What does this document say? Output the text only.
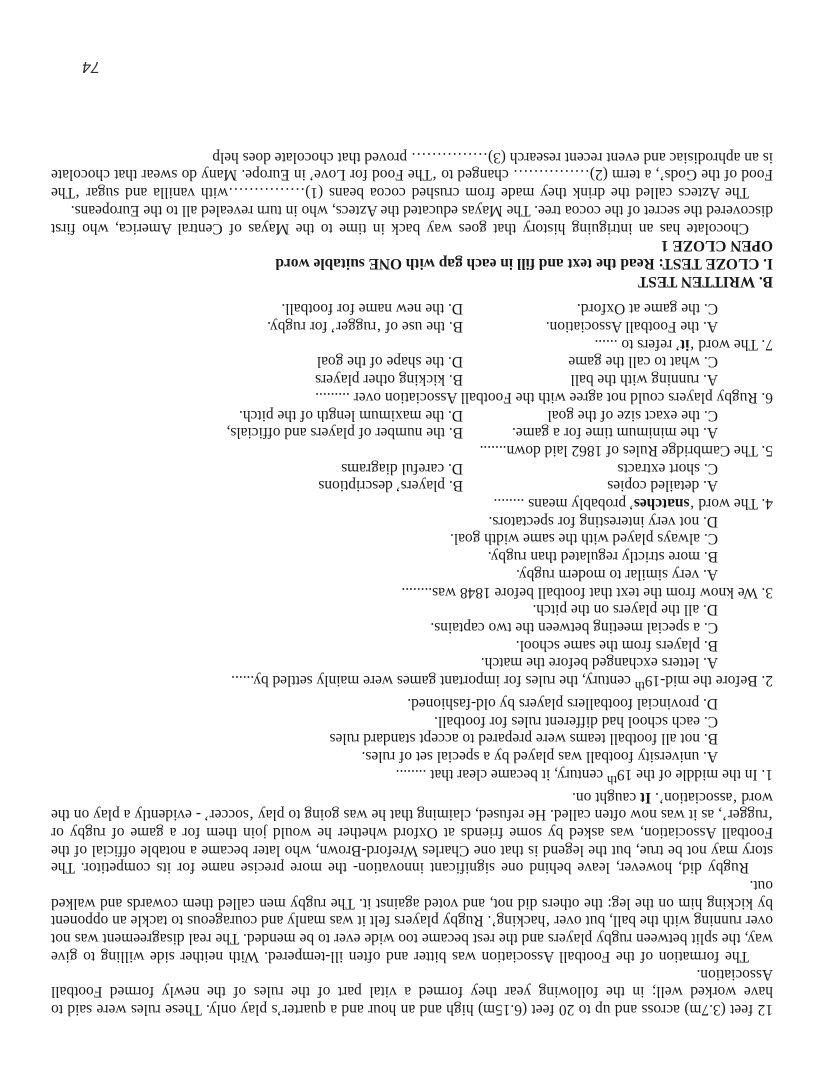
12 feet (3.7m) across and up to 20 feet (6.15m) high and an hour and a quarter’s play only. These rules were said to have worked well; in the following year they formed a vital part of the rules of the newly formed Football Association.

The formation of the Football Association was bitter and often ill-tempered. With neither side willing to give way, the split between rugby players and the rest became too wide ever to be mended. The real disagreement was not over running with the ball, but over ‘hacking’. Rugby players felt it was manly and courageous to tackle an opponent by kicking him on the leg: the others did not, and voted against it. The rugby men called them cowards and walked out.

Rugby did, however, leave behind one significant innovation- the more precise name for its competitor. The story may not be true, but the legend is that one Charles Wreford-Brown, who later became a notable official of the Football Association, was asked by some friends at Oxford whether he would join them for a game of rugby or ‘rugger’, as it was now often called. He refused, claiming that he was going to play ‘soccer’ - evidently a play on the word ‘association’. It caught on.

1. In the middle of the 19th century, it became clear that ........
A. university football was played by a special set of rules.
B. not all football teams were prepared to accept standard rules
C. each school had different rules for football.
D. provincial footballers players by old-fashioned.
2. Before the mid-19th century, the rules for important games were mainly settled by......
A. letters exchanged before the match.
B. players from the same school.
C. a special meeting between the two captains.
D. all the players on the pitch.
3. We know from the text that football before 1848 was........
A. very similar to modern rugby.
B. more strictly regulated than rugby.
C. always played with the same width goal.
D. not very interesting for spectators.
4. The word ‘snatches’ probably means ........
A. detailed copies
B. players’ descriptions
C. short extracts
D. careful diagrams
5. The Cambridge Rules of 1862 laid down.......
A. the minimum time for a game.
B. the number of players and officials,
C. the exact size of the goal
D. the maximum length of the pitch.
6. Rugby players could not agree with the Football Association over .........
A. running with the ball
B. kicking other players
C. what to call the game
D. the shape of the goal
7. The word ‘it’ refers to ......
A. the Football Association.
B. the use of ‘rugger’ for rugby.
C. the game at Oxford.
D. the new name for football.
B. WRITTEN TEST
I. CLOZE TEST: Read the text and fill in each gap with ONE suitable word
OPEN CLOZE 1

Chocolate has an intriguing history that goes way back in time to the Mayas of Central America, who first discovered the secret of the cocoa tree. The Mayas educated the Aztecs, who in turn revealed all to the Europeans.

The Aztecs called the drink they made from crushed cocoa beans (1)……………with vanilla and sugar ‘The Food of the Gods’, a term (2)…………… changed to ‘The Food for Love’ in Europe. Many do swear that chocolate is an aphrodisiac and event recent research (3)…………… proved that chocolate does help

74
